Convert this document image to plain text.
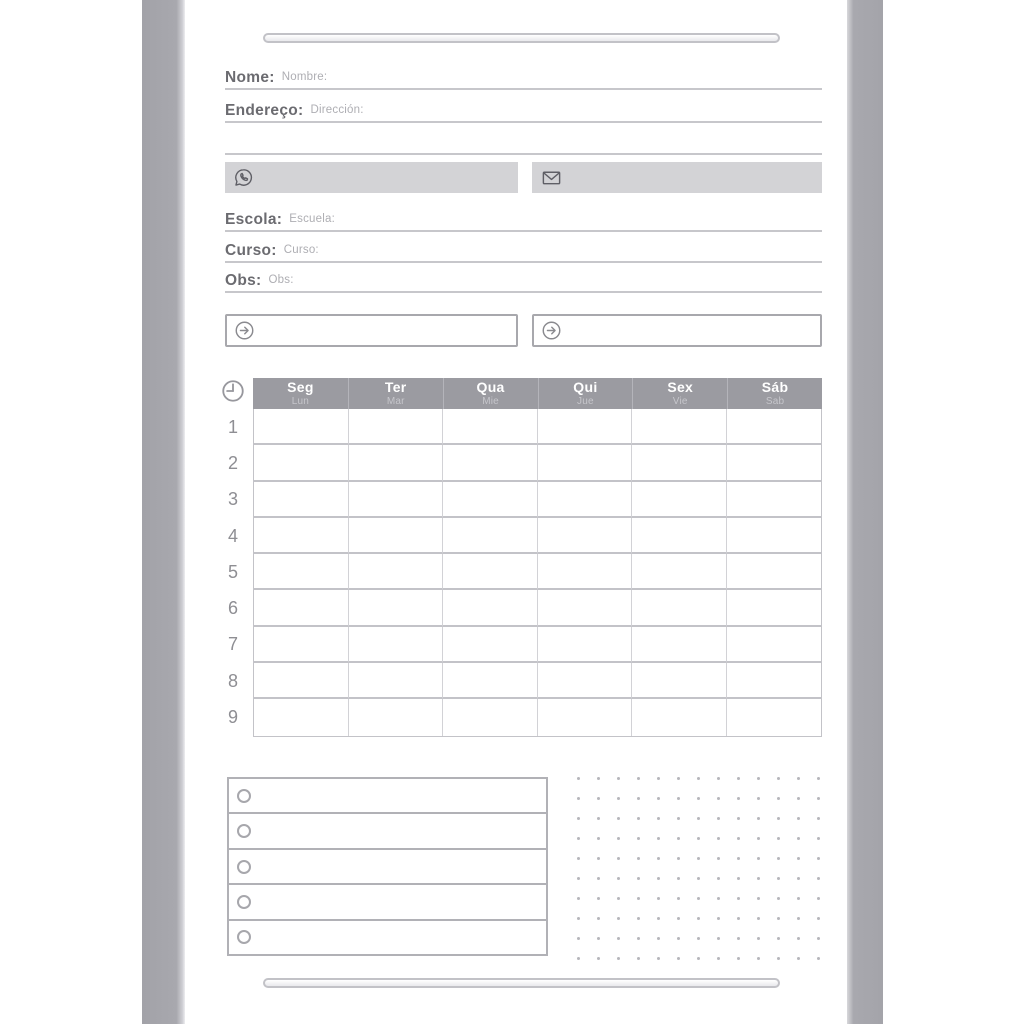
Nome: Nombre:
Endereço: Dirección:
Escola: Escuela:
Curso: Curso:
Obs: Obs:
Seg
Lun
Ter
Mar
Qua
Mie
Qui
Jue
Sex
Vie
Sáb
Sab
1
2
3
4
5
6
7
8
9
